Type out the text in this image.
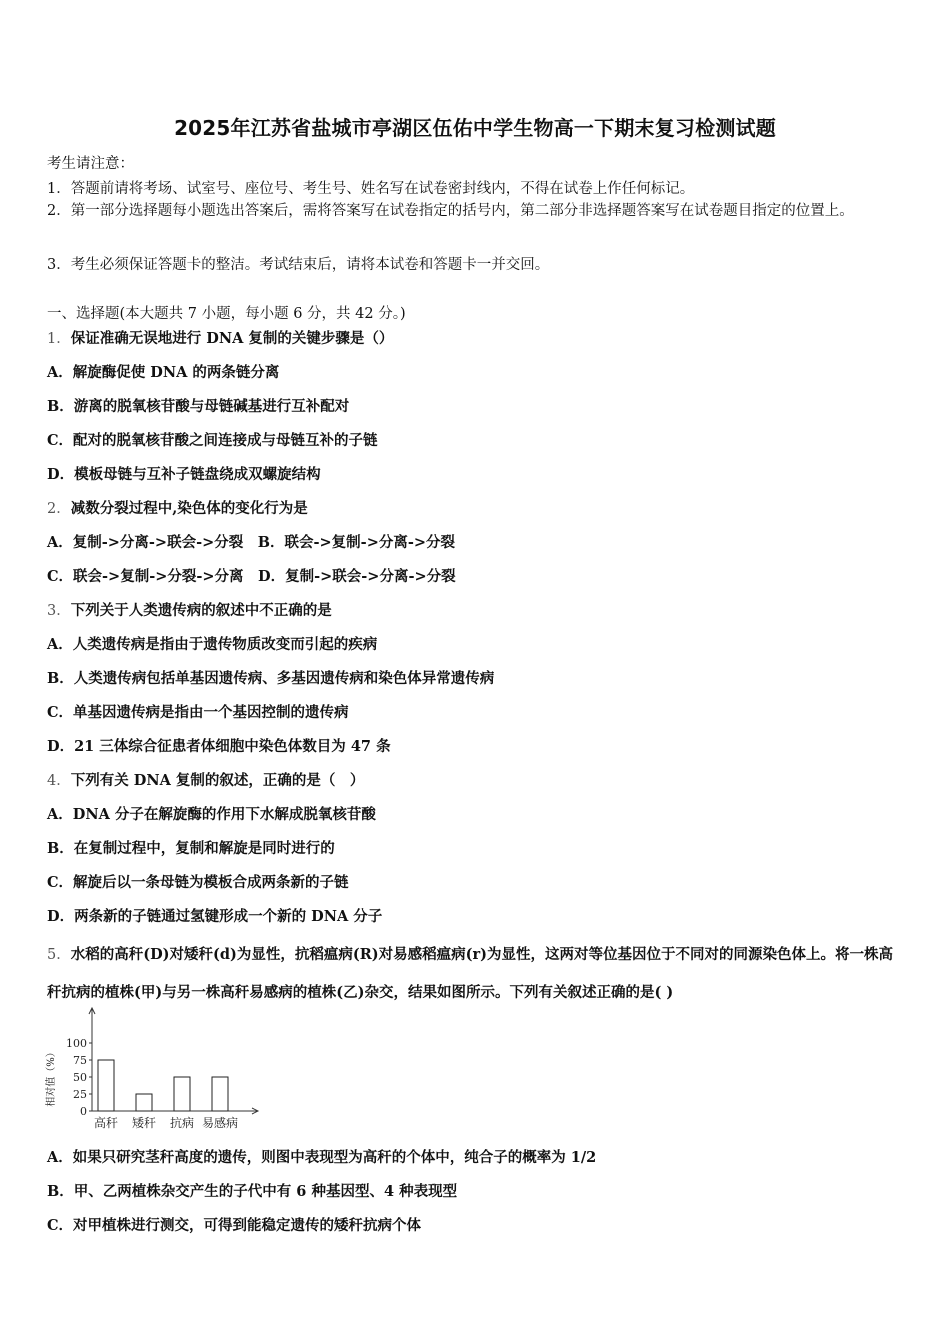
2025年江苏省盐城市亭湖区伍佑中学生物高一下期末复习检测试题
考生请注意：
1．答题前请将考场、试室号、座位号、考生号、姓名写在试卷密封线内，不得在试卷上作任何标记。
2．第一部分选择题每小题选出答案后，需将答案写在试卷指定的括号内，第二部分非选择题答案写在试卷题目指定的位置上。
3．考生必须保证答题卡的整洁。考试结束后，请将本试卷和答题卡一并交回。
一、选择题(本大题共 7 小题，每小题 6 分，共 42 分。)
1．保证准确无误地进行 DNA 复制的关键步骤是（）
A．解旋酶促使 DNA 的两条链分离
B．游离的脱氧核苷酸与母链碱基进行互补配对
C．配对的脱氧核苷酸之间连接成与母链互补的子链
D．模板母链与互补子链盘绕成双螺旋结构
2．减数分裂过程中,染色体的变化行为是
A．复制->分离->联会->分裂　B．联会->复制->分离->分裂
C．联会->复制->分裂->分离　D．复制->联会->分离->分裂
3．下列关于人类遗传病的叙述中不正确的是
A．人类遗传病是指由于遗传物质改变而引起的疾病
B．人类遗传病包括单基因遗传病、多基因遗传病和染色体异常遗传病
C．单基因遗传病是指由一个基因控制的遗传病
D．21 三体综合征患者体细胞中染色体数目为 47 条
4．下列有关 DNA 复制的叙述，正确的是（　）
A．DNA 分子在解旋酶的作用下水解成脱氧核苷酸
B．在复制过程中，复制和解旋是同时进行的
C．解旋后以一条母链为模板合成两条新的子链
D．两条新的子链通过氢键形成一个新的 DNA 分子
5．水稻的高秆(D)对矮秆(d)为显性，抗稻瘟病(R)对易感稻瘟病(r)为显性，这两对等位基因位于不同对的同源染色体上。将一株高秆抗病的植株(甲)与另一株高秆易感病的植株(乙)杂交，结果如图所示。下列有关叙述正确的是( )
0
25
50
75
100
相对值（%）
高秆 矮秆 抗病 易感病
A．如果只研究茎秆高度的遗传，则图中表现型为高秆的个体中，纯合子的概率为 1/2
B．甲、乙两植株杂交产生的子代中有 6 种基因型、4 种表现型
C．对甲植株进行测交，可得到能稳定遗传的矮秆抗病个体
